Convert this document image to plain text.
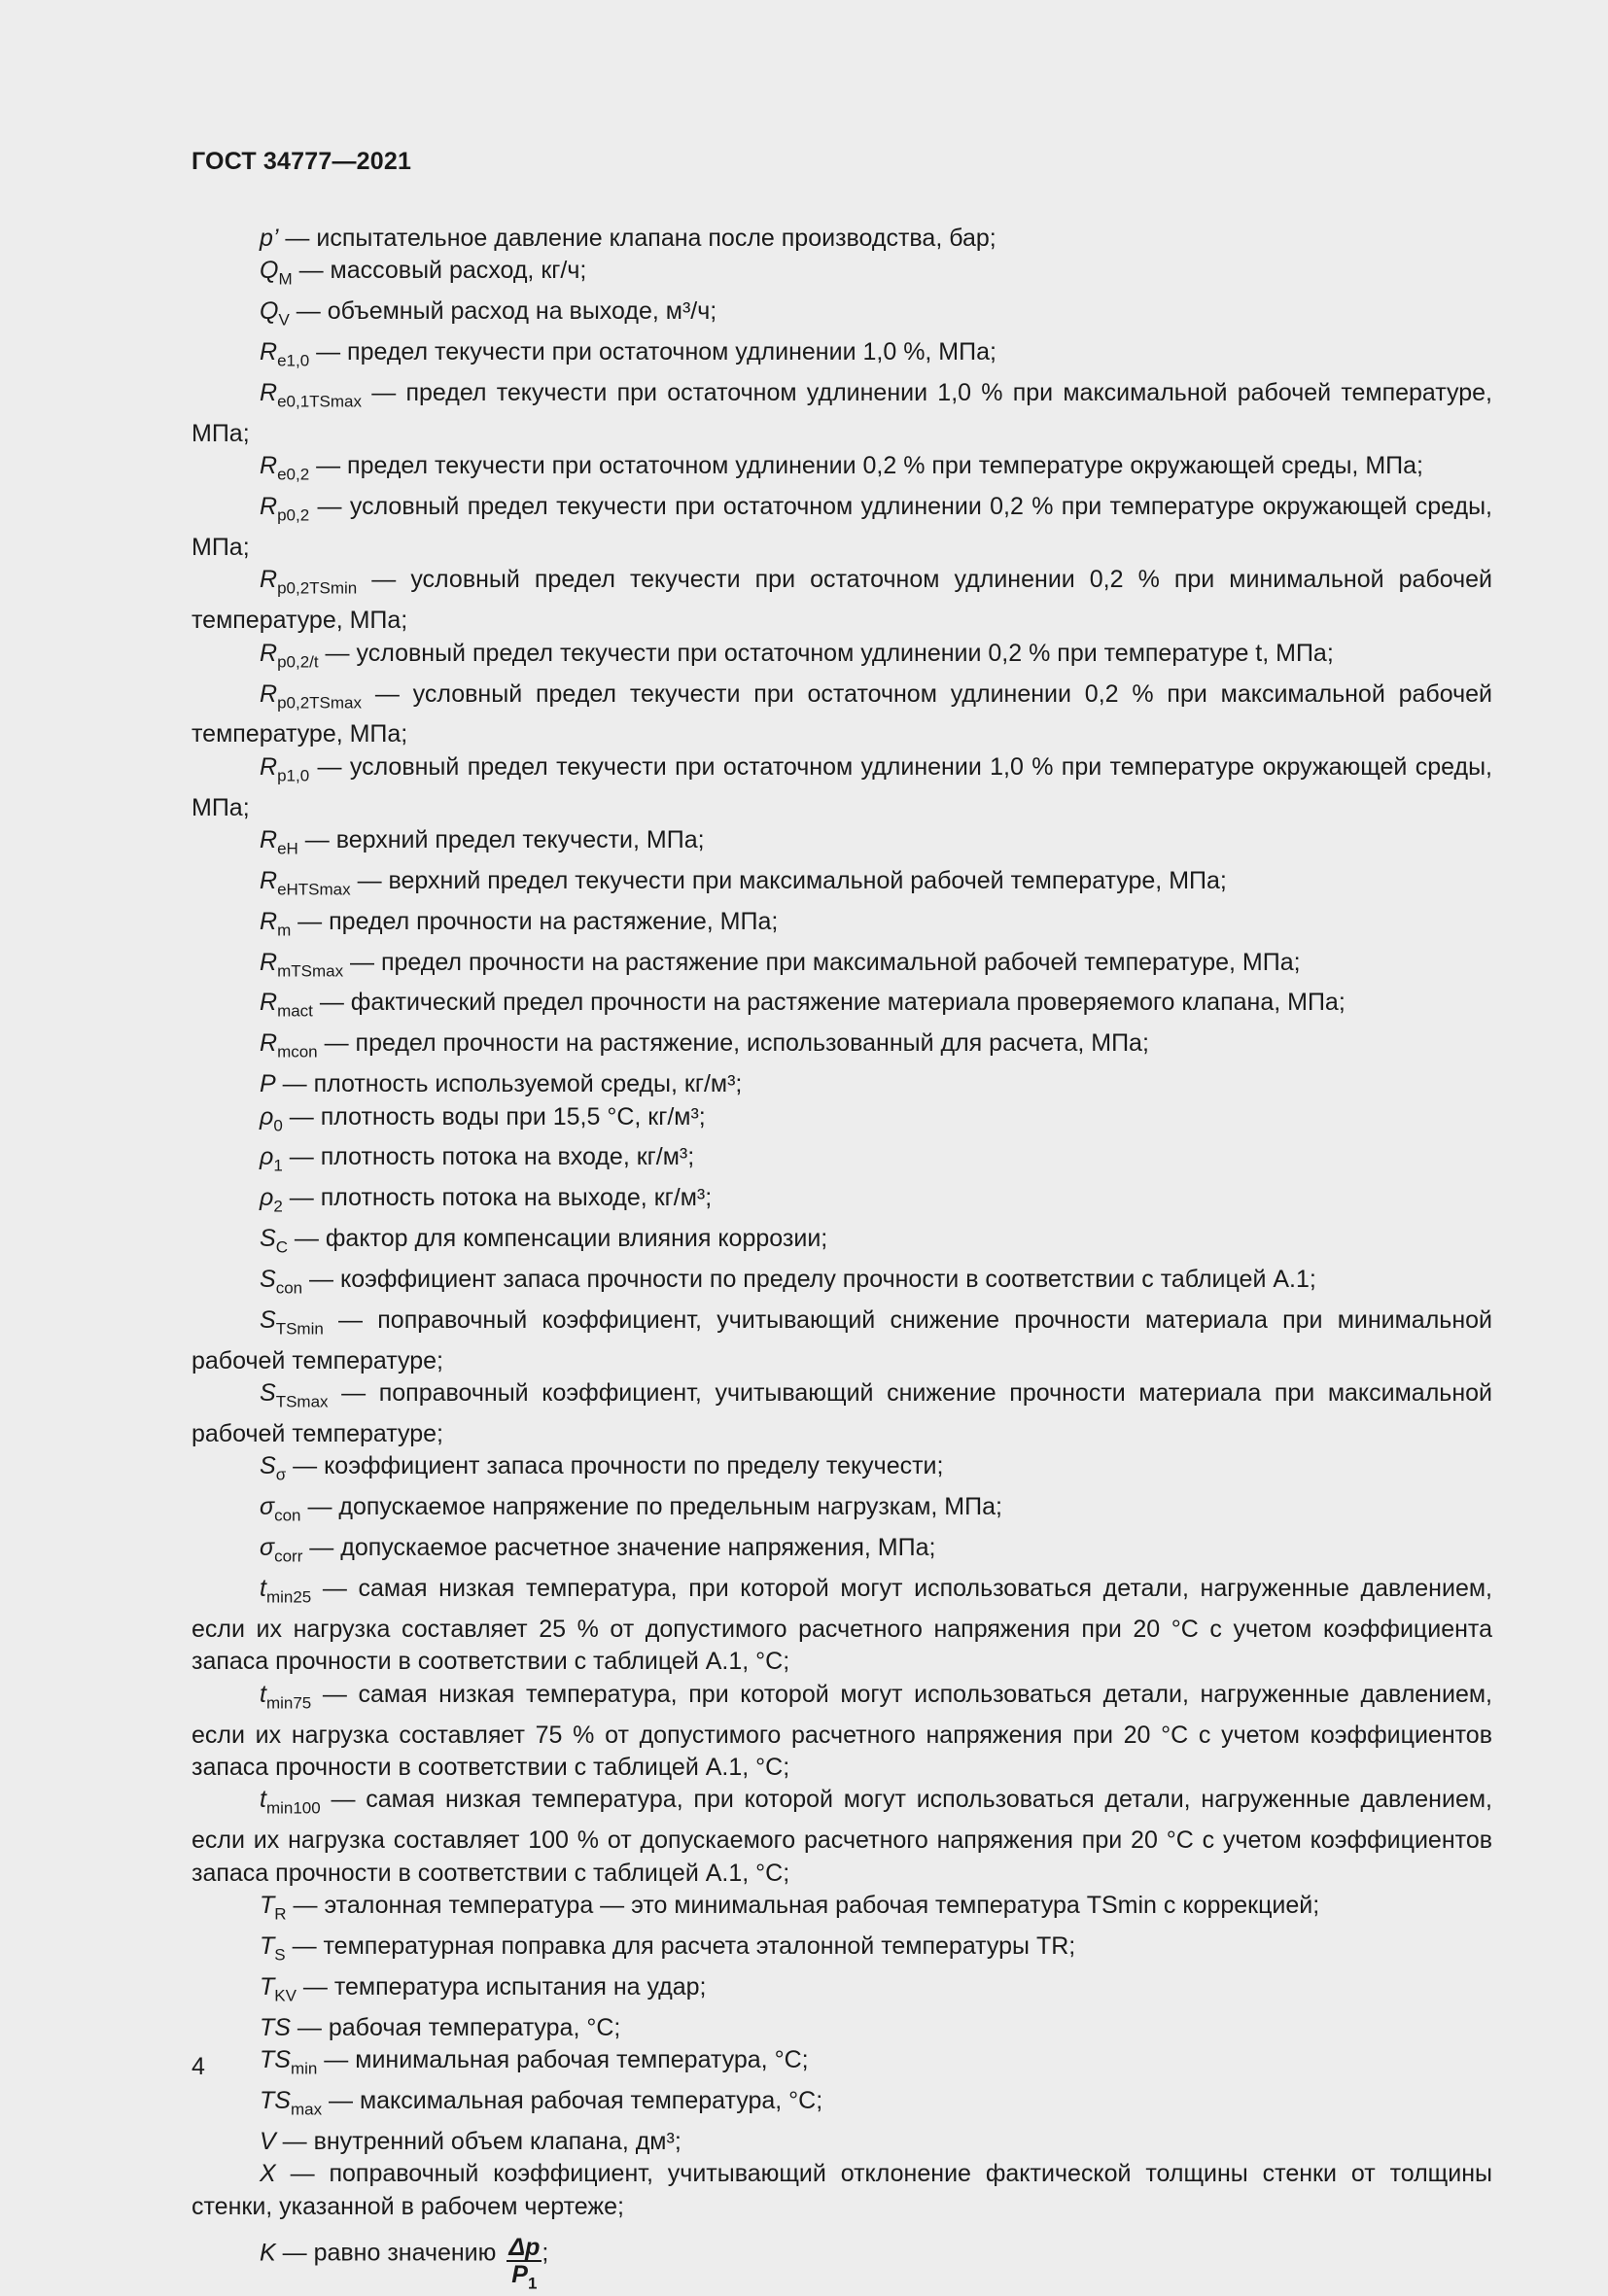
ГОСТ 34777—2021

p’ — испытательное давление клапана после производства, бар;

$Q_M$ — массовый расход, кг/ч;

$Q_V$ — объемный расход на выходе, м³/ч;

$R_{e1,0}$ — предел текучести при остаточном удлинении 1,0 %, МПа;

$R_{e0,1TSmax}$ — предел текучести при остаточном удлинении 1,0 % при максимальной рабочей температуре, МПа;

$R_{e0,2}$ — предел текучести при остаточном удлинении 0,2 % при температуре окружающей среды, МПа;

$R_{p0,2}$ — условный предел текучести при остаточном удлинении 0,2 % при температуре окружающей среды, МПа;

$R_{p0,2TSmin}$ — условный предел текучести при остаточном удлинении 0,2 % при минимальной рабочей температуре, МПа;

$R_{p0,2/t}$ — условный предел текучести при остаточном удлинении 0,2 % при температуре t, МПа;

$R_{p0,2TSmax}$ — условный предел текучести при остаточном удлинении 0,2 % при максимальной рабочей температуре, МПа;

$R_{p1,0}$ — условный предел текучести при остаточном удлинении 1,0 % при температуре окружающей среды, МПа;

$R_{eH}$ — верхний предел текучести, МПа;

$R_{eHTSmax}$ — верхний предел текучести при максимальной рабочей температуре, МПа;

$R_m$ — предел прочности на растяжение, МПа;

$R_{mTSmax}$ — предел прочности на растяжение при максимальной рабочей температуре, МПа;

$R_{mact}$ — фактический предел прочности на растяжение материала проверяемого клапана, МПа;

$R_{mcon}$ — предел прочности на растяжение, использованный для расчета, МПа;

P — плотность используемой среды, кг/м³;

$\rho_0$ — плотность воды при 15,5 °C, кг/м³;

$\rho_1$ — плотность потока на входе, кг/м³;

$\rho_2$ — плотность потока на выходе, кг/м³;

$S_C$ — фактор для компенсации влияния коррозии;

$S_{con}$ — коэффициент запаса прочности по пределу прочности в соответствии с таблицей А.1;

$S_{TSmin}$ — поправочный коэффициент, учитывающий снижение прочности материала при минимальной рабочей температуре;

$S_{TSmax}$ — поправочный коэффициент, учитывающий снижение прочности материала при максимальной рабочей температуре;

$S_\sigma$ — коэффициент запаса прочности по пределу текучести;

$\sigma_{con}$ — допускаемое напряжение по предельным нагрузкам, МПа;

$\sigma_{corr}$ — допускаемое расчетное значение напряжения, МПа;

$t_{min25}$ — самая низкая температура, при которой могут использоваться детали, нагруженные давлением, если их нагрузка составляет 25 % от допустимого расчетного напряжения при 20 °C с учетом коэффициента запаса прочности в соответствии с таблицей А.1, °C;

$t_{min75}$ — самая низкая температура, при которой могут использоваться детали, нагруженные давлением, если их нагрузка составляет 75 % от допустимого расчетного напряжения при 20 °C с учетом коэффициентов запаса прочности в соответствии с таблицей А.1, °C;

$t_{min100}$ — самая низкая температура, при которой могут использоваться детали, нагруженные давлением, если их нагрузка составляет 100 % от допускаемого расчетного напряжения при 20 °C с учетом коэффициентов запаса прочности в соответствии с таблицей А.1, °C;

$T_R$ — эталонная температура — это минимальная рабочая температура TSmin с коррекцией;

$T_S$ — температурная поправка для расчета эталонной температуры TR;

$T_{KV}$ — температура испытания на удар;

TS — рабочая температура, °C;

$TS_{min}$ — минимальная рабочая температура, °C;

$TS_{max}$ — максимальная рабочая температура, °C;

V — внутренний объем клапана, дм³;

X — поправочный коэффициент, учитывающий отклонение фактической толщины стенки от толщины стенки, указанной в рабочем чертеже;

K — равно значению $\frac{\Delta p}{P_1}$ ;

4
